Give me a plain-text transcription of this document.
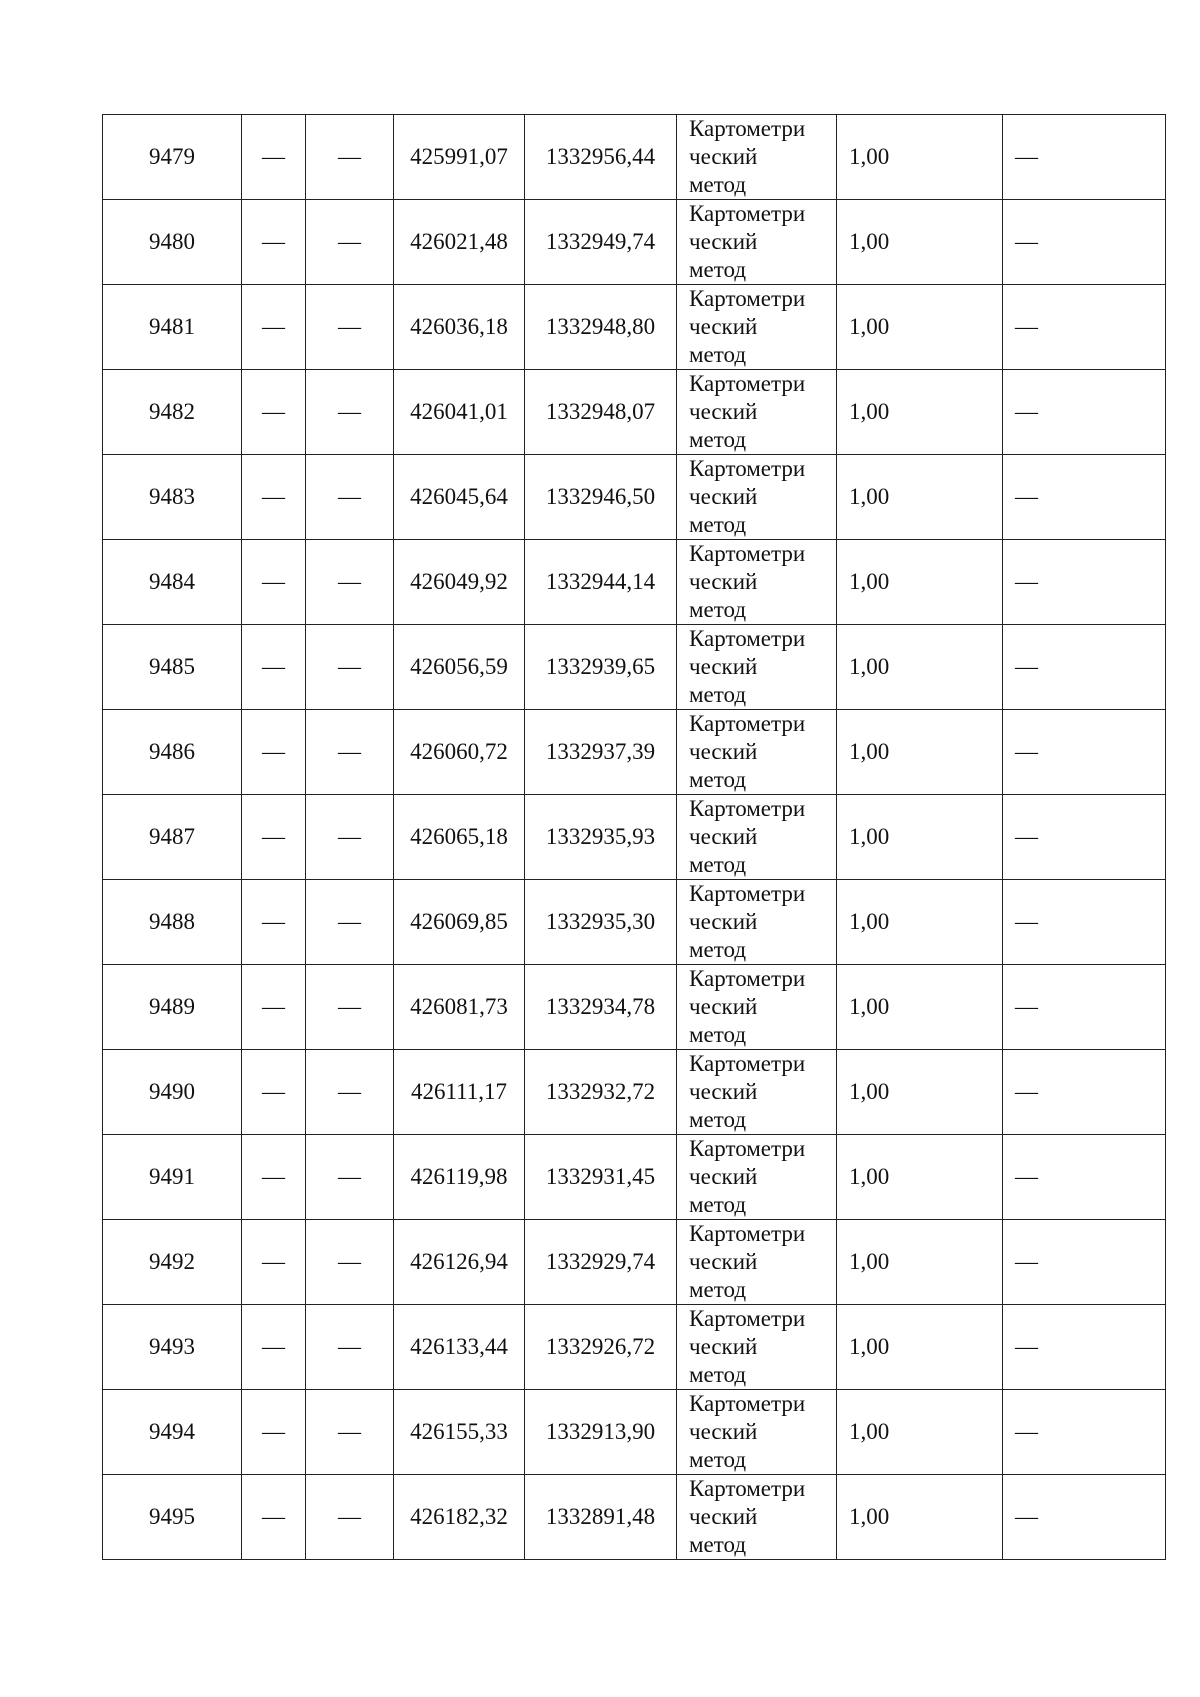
9479	—	—	425991,07	1332956,44	Картометри
ческий
метод	1,00	—
9480	—	—	426021,48	1332949,74	Картометри
ческий
метод	1,00	—
9481	—	—	426036,18	1332948,80	Картометри
ческий
метод	1,00	—
9482	—	—	426041,01	1332948,07	Картометри
ческий
метод	1,00	—
9483	—	—	426045,64	1332946,50	Картометри
ческий
метод	1,00	—
9484	—	—	426049,92	1332944,14	Картометри
ческий
метод	1,00	—
9485	—	—	426056,59	1332939,65	Картометри
ческий
метод	1,00	—
9486	—	—	426060,72	1332937,39	Картометри
ческий
метод	1,00	—
9487	—	—	426065,18	1332935,93	Картометри
ческий
метод	1,00	—
9488	—	—	426069,85	1332935,30	Картометри
ческий
метод	1,00	—
9489	—	—	426081,73	1332934,78	Картометри
ческий
метод	1,00	—
9490	—	—	426111,17	1332932,72	Картометри
ческий
метод	1,00	—
9491	—	—	426119,98	1332931,45	Картометри
ческий
метод	1,00	—
9492	—	—	426126,94	1332929,74	Картометри
ческий
метод	1,00	—
9493	—	—	426133,44	1332926,72	Картометри
ческий
метод	1,00	—
9494	—	—	426155,33	1332913,90	Картометри
ческий
метод	1,00	—
9495	—	—	426182,32	1332891,48	Картометри
ческий
метод	1,00	—
